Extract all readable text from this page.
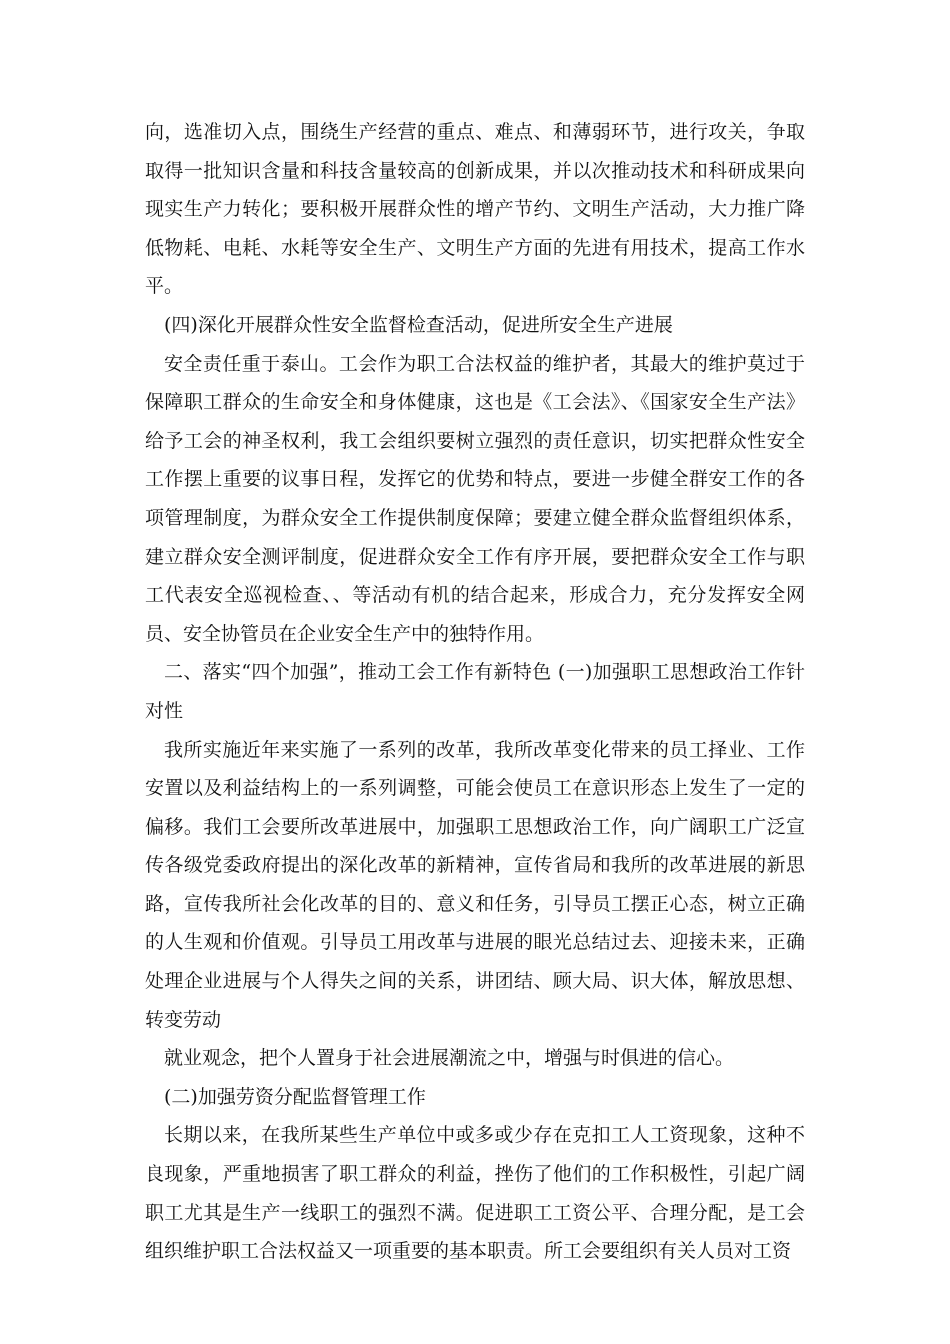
向，选准切入点，围绕生产经营的重点、难点、和薄弱环节，进行攻关，争取取得一批知识含量和科技含量较高的创新成果，并以次推动技术和科研成果向现实生产力转化；要积极开展群众性的增产节约、文明生产活动，大力推广降低物耗、电耗、水耗等安全生产、文明生产方面的先进有用技术，提高工作水平。

(四)深化开展群众性安全监督检查活动，促进所安全生产进展

安全责任重于泰山。工会作为职工合法权益的维护者，其最大的维护莫过于保障职工群众的生命安全和身体健康，这也是《工会法》、《国家安全生产法》给予工会的神圣权利，我工会组织要树立强烈的责任意识，切实把群众性安全工作摆上重要的议事日程，发挥它的优势和特点，要进一步健全群安工作的各项管理制度，为群众安全工作提供制度保障；要建立健全群众监督组织体系，建立群众安全测评制度，促进群众安全工作有序开展，要把群众安全工作与职工代表安全巡视检查、、等活动有机的结合起来，形成合力，充分发挥安全网员、安全协管员在企业安全生产中的独特作用。

二、落实“四个加强”，推动工会工作有新特色 (一)加强职工思想政治工作针对性

我所实施近年来实施了一系列的改革，我所改革变化带来的员工择业、工作安置以及利益结构上的一系列调整，可能会使员工在意识形态上发生了一定的偏移。我们工会要所改革进展中，加强职工思想政治工作，向广阔职工广泛宣传各级党委政府提出的深化改革的新精神，宣传省局和我所的改革进展的新思路，宣传我所社会化改革的目的、意义和任务，引导员工摆正心态，树立正确的人生观和价值观。引导员工用改革与进展的眼光总结过去、迎接未来，正确处理企业进展与个人得失之间的关系，讲团结、顾大局、识大体，解放思想、转变劳动

就业观念，把个人置身于社会进展潮流之中，增强与时俱进的信心。

(二)加强劳资分配监督管理工作

长期以来，在我所某些生产单位中或多或少存在克扣工人工资现象，这种不良现象，严重地损害了职工群众的利益，挫伤了他们的工作积极性，引起广阔职工尤其是生产一线职工的强烈不满。促进职工工资公平、合理分配，是工会组织维护职工合法权益又一项重要的基本职责。所工会要组织有关人员对工资
